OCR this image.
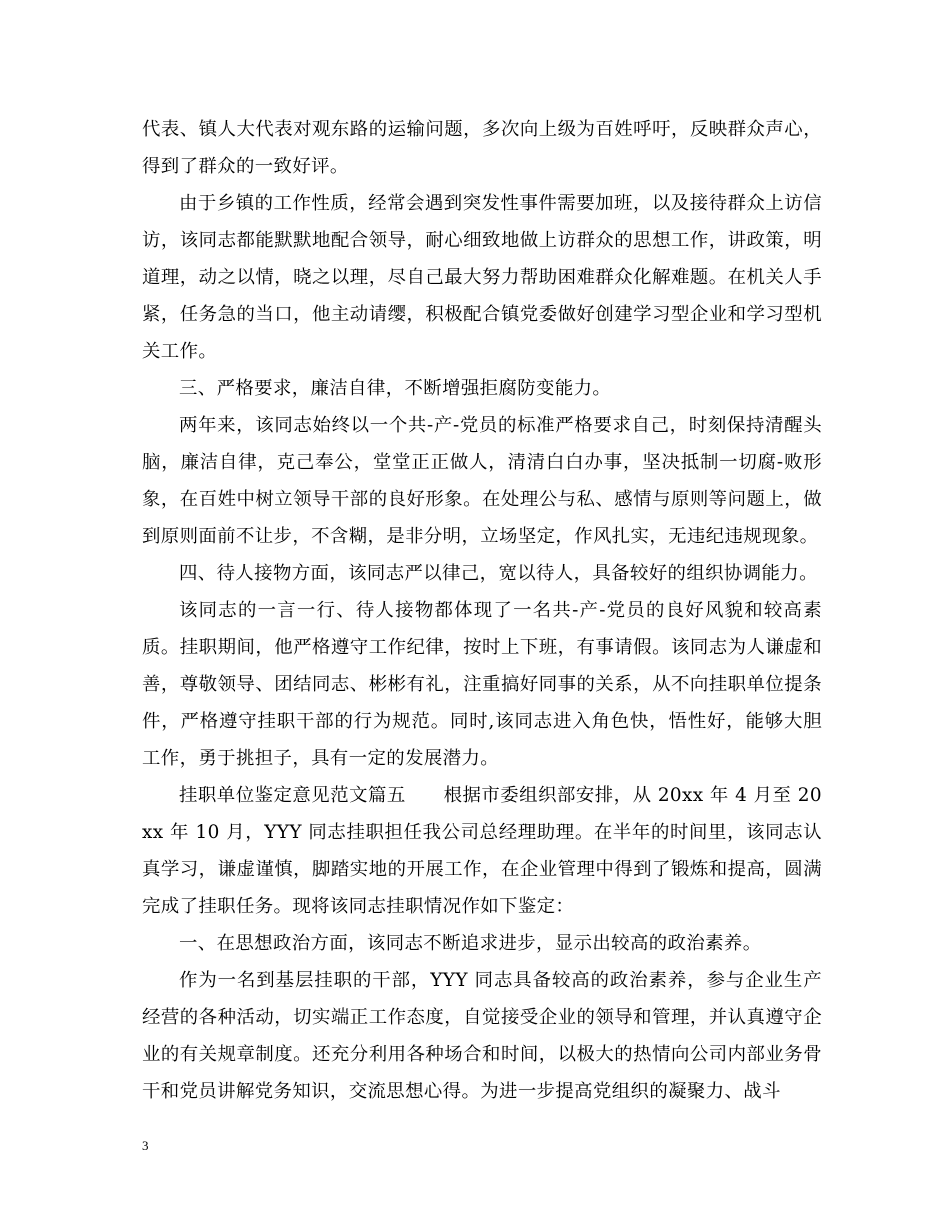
代表、镇人大代表对观东路的运输问题，多次向上级为百姓呼吁，反映群众声心，得到了群众的一致好评。

由于乡镇的工作性质，经常会遇到突发性事件需要加班，以及接待群众上访信访，该同志都能默默地配合领导，耐心细致地做上访群众的思想工作，讲政策，明道理，动之以情，晓之以理，尽自己最大努力帮助困难群众化解难题。在机关人手紧，任务急的当口，他主动请缨，积极配合镇党委做好创建学习型企业和学习型机关工作。

三、严格要求，廉洁自律，不断增强拒腐防变能力。

两年来，该同志始终以一个共-产-党员的标准严格要求自己，时刻保持清醒头脑，廉洁自律，克己奉公，堂堂正正做人，清清白白办事，坚决抵制一切腐-败形象，在百姓中树立领导干部的良好形象。在处理公与私、感情与原则等问题上，做到原则面前不让步，不含糊，是非分明，立场坚定，作风扎实，无违纪违规现象。

四、待人接物方面，该同志严以律己，宽以待人，具备较好的组织协调能力。

该同志的一言一行、待人接物都体现了一名共-产-党员的良好风貌和较高素质。挂职期间，他严格遵守工作纪律，按时上下班，有事请假。该同志为人谦虚和善，尊敬领导、团结同志、彬彬有礼，注重搞好同事的关系，从不向挂职单位提条件，严格遵守挂职干部的行为规范。同时,该同志进入角色快，悟性好，能够大胆工作，勇于挑担子，具有一定的发展潜力。

挂职单位鉴定意见范文篇五　　根据市委组织部安排，从 20xx 年 4 月至 20xx 年 10 月，YYY 同志挂职担任我公司总经理助理。在半年的时间里，该同志认真学习，谦虚谨慎，脚踏实地的开展工作，在企业管理中得到了锻炼和提高，圆满完成了挂职任务。现将该同志挂职情况作如下鉴定：

一、在思想政治方面，该同志不断追求进步，显示出较高的政治素养。

作为一名到基层挂职的干部，YYY 同志具备较高的政治素养，参与企业生产经营的各种活动，切实端正工作态度，自觉接受企业的领导和管理，并认真遵守企业的有关规章制度。还充分利用各种场合和时间，以极大的热情向公司内部业务骨干和党员讲解党务知识，交流思想心得。为进一步提高党组织的凝聚力、战斗

3
